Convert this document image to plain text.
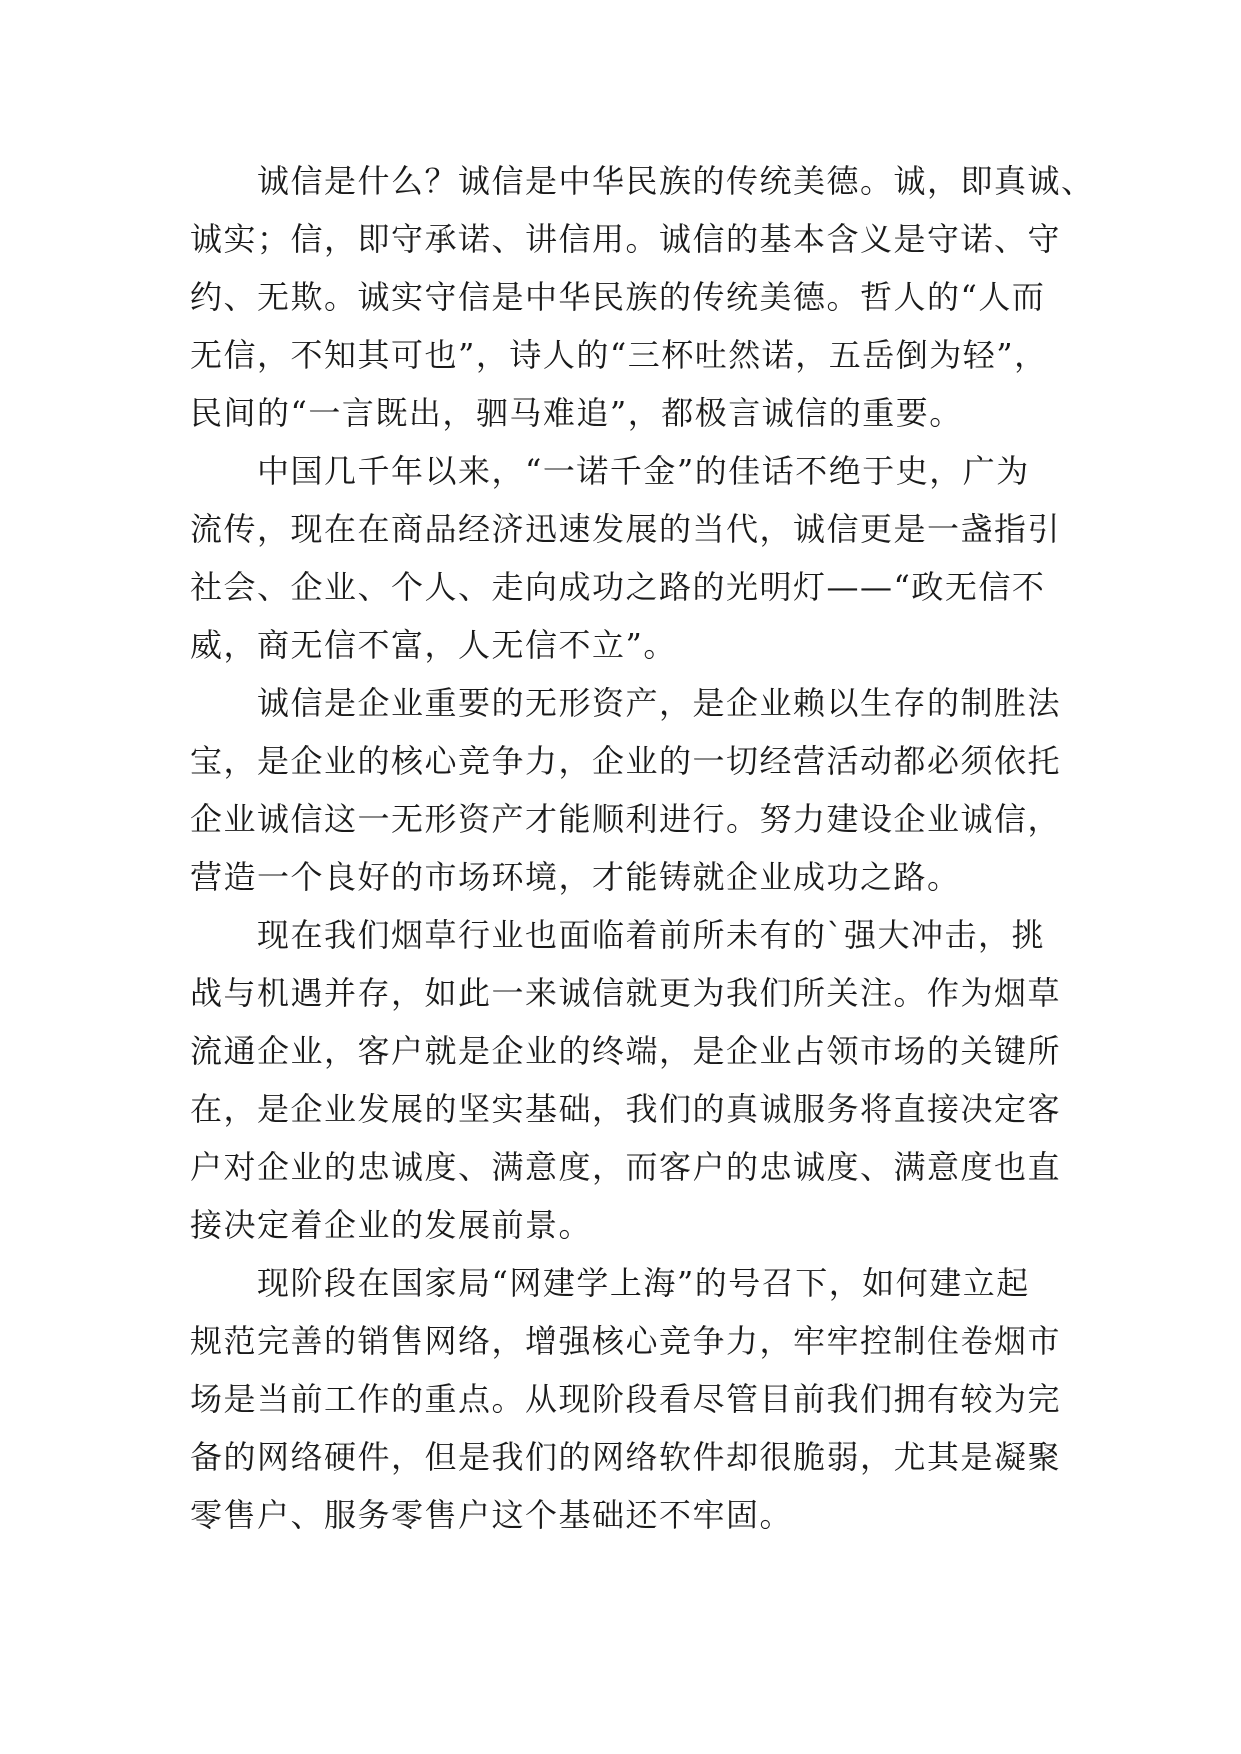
诚信是什么？诚信是中华民族的传统美德。诚，即真诚、
诚实；信，即守承诺、讲信用。诚信的基本含义是守诺、守
约、无欺。诚实守信是中华民族的传统美德。哲人的“人而
无信，不知其可也”，诗人的“三杯吐然诺，五岳倒为轻”，
民间的“一言既出，驷马难追”，都极言诚信的重要。

中国几千年以来，“一诺千金”的佳话不绝于史，广为
流传，现在在商品经济迅速发展的当代，诚信更是一盏指引
社会、企业、个人、走向成功之路的光明灯——“政无信不
威，商无信不富，人无信不立”。

诚信是企业重要的无形资产，是企业赖以生存的制胜法
宝，是企业的核心竞争力，企业的一切经营活动都必须依托
企业诚信这一无形资产才能顺利进行。努力建设企业诚信，
营造一个良好的市场环境，才能铸就企业成功之路。

现在我们烟草行业也面临着前所未有的`强大冲击，挑
战与机遇并存，如此一来诚信就更为我们所关注。作为烟草
流通企业，客户就是企业的终端，是企业占领市场的关键所
在，是企业发展的坚实基础，我们的真诚服务将直接决定客
户对企业的忠诚度、满意度，而客户的忠诚度、满意度也直
接决定着企业的发展前景。

现阶段在国家局“网建学上海”的号召下，如何建立起
规范完善的销售网络，增强核心竞争力，牢牢控制住卷烟市
场是当前工作的重点。从现阶段看尽管目前我们拥有较为完
备的网络硬件，但是我们的网络软件却很脆弱，尤其是凝聚
零售户、服务零售户这个基础还不牢固。
